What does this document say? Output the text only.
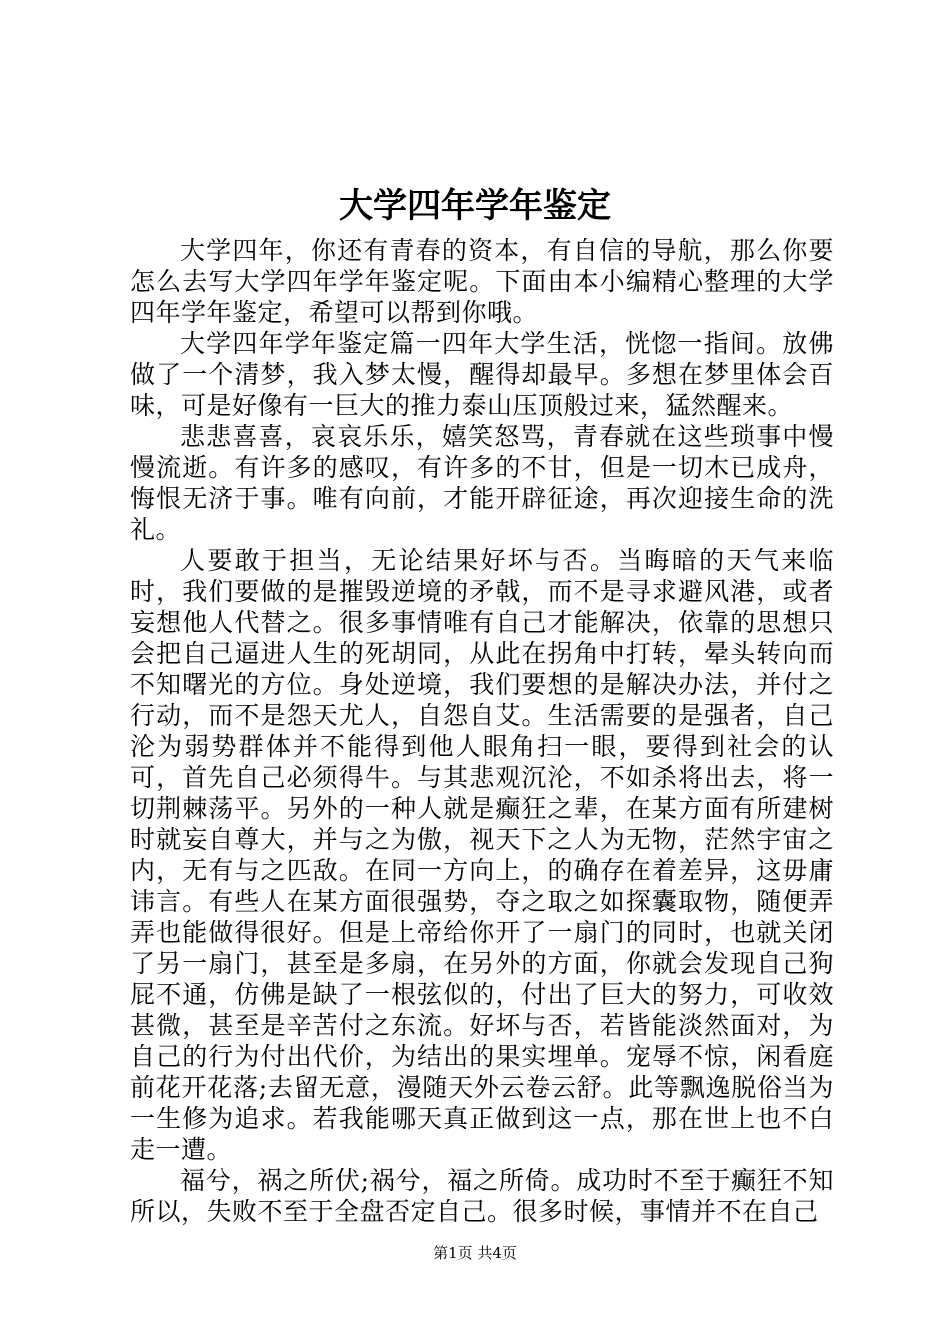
大学四年学年鉴定

大学四年，你还有青春的资本，有自信的导航，那么你要怎么去写大学四年学年鉴定呢。下面由本小编精心整理的大学四年学年鉴定，希望可以帮到你哦。

大学四年学年鉴定篇一四年大学生活，恍惚一指间。放佛做了一个清梦，我入梦太慢，醒得却最早。多想在梦里体会百味，可是好像有一巨大的推力泰山压顶般过来，猛然醒来。

悲悲喜喜，哀哀乐乐，嬉笑怒骂，青春就在这些琐事中慢慢流逝。有许多的感叹，有许多的不甘，但是一切木已成舟，悔恨无济于事。唯有向前，才能开辟征途，再次迎接生命的洗礼。

人要敢于担当，无论结果好坏与否。当晦暗的天气来临时，我们要做的是摧毁逆境的矛戟，而不是寻求避风港，或者妄想他人代替之。很多事情唯有自己才能解决，依靠的思想只会把自己逼进人生的死胡同，从此在拐角中打转，晕头转向而不知曙光的方位。身处逆境，我们要想的是解决办法，并付之行动，而不是怨天尤人，自怨自艾。生活需要的是强者，自己沦为弱势群体并不能得到他人眼角扫一眼，要得到社会的认可，首先自己必须得牛。与其悲观沉沦，不如杀将出去，将一切荆棘荡平。另外的一种人就是癫狂之辈，在某方面有所建树时就妄自尊大，并与之为傲，视天下之人为无物，茫然宇宙之内，无有与之匹敌。在同一方向上，的确存在着差异，这毋庸讳言。有些人在某方面很强势，夺之取之如探囊取物，随便弄弄也能做得很好。但是上帝给你开了一扇门的同时，也就关闭了另一扇门，甚至是多扇，在另外的方面，你就会发现自己狗屁不通，仿佛是缺了一根弦似的，付出了巨大的努力，可收效甚微，甚至是辛苦付之东流。好坏与否，若皆能淡然面对，为自己的行为付出代价，为结出的果实埋单。宠辱不惊，闲看庭前花开花落;去留无意，漫随天外云卷云舒。此等飘逸脱俗当为一生修为追求。若我能哪天真正做到这一点，那在世上也不白走一遭。

福兮，祸之所伏;祸兮，福之所倚。成功时不至于癫狂不知所以，失败不至于全盘否定自己。很多时候，事情并不在自己

第1页 共4页
